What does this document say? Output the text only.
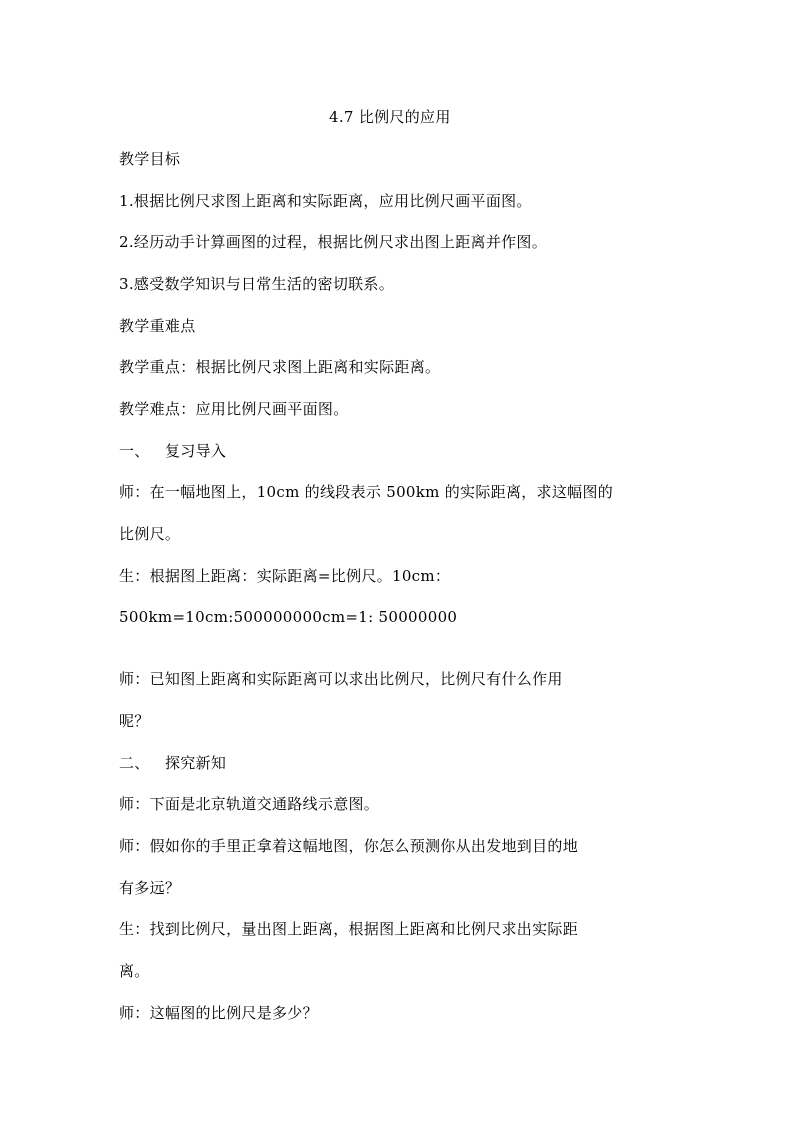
4.7 比例尺的应用
教学目标
1.根据比例尺求图上距离和实际距离，应用比例尺画平面图。
2.经历动手计算画图的过程，根据比例尺求出图上距离并作图。
3.感受数学知识与日常生活的密切联系。
教学重难点
教学重点：根据比例尺求图上距离和实际距离。
教学难点：应用比例尺画平面图。
一、 复习导入
师：在一幅地图上，10cm 的线段表示 500km 的实际距离，求这幅图的
比例尺。
生：根据图上距离：实际距离=比例尺。10cm：
500km=10cm:500000000cm=1: 50000000
师：已知图上距离和实际距离可以求出比例尺，比例尺有什么作用
呢？
二、 探究新知
师：下面是北京轨道交通路线示意图。
师：假如你的手里正拿着这幅地图，你怎么预测你从出发地到目的地
有多远？
生：找到比例尺，量出图上距离，根据图上距离和比例尺求出实际距
离。
师：这幅图的比例尺是多少？
